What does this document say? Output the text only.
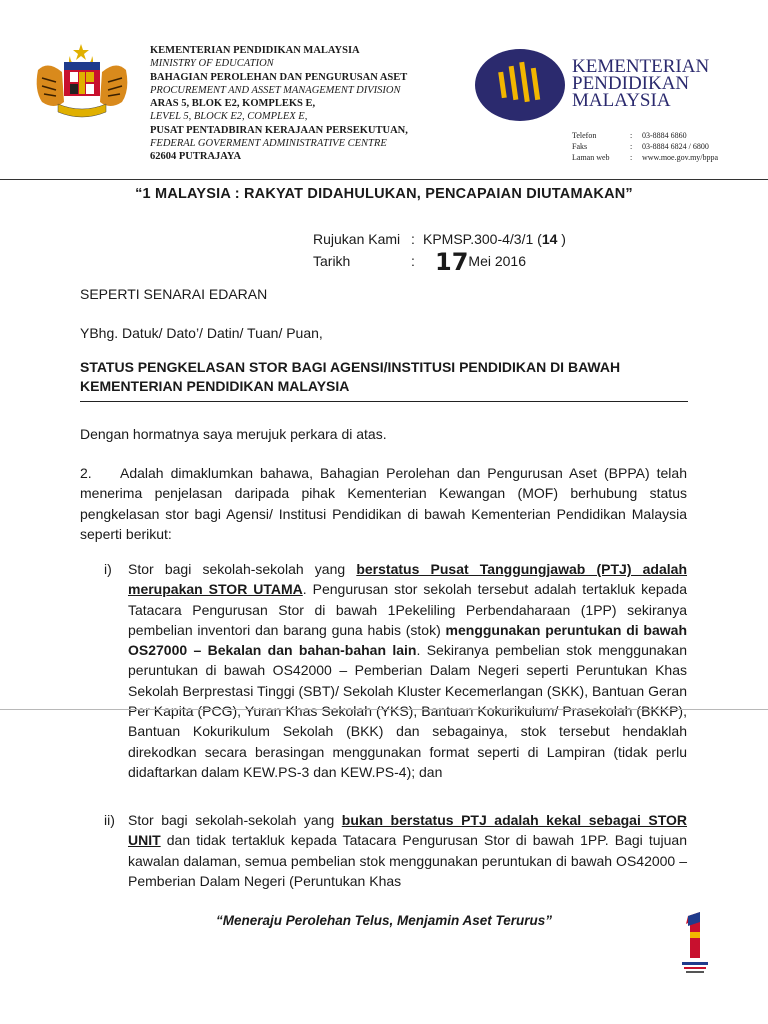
KEMENTERIAN PENDIDIKAN MALAYSIA
MINISTRY OF EDUCATION
BAHAGIAN PEROLEHAN DAN PENGURUSAN ASET
PROCUREMENT AND ASSET MANAGEMENT DIVISION
ARAS 5, BLOK E2, KOMPLEKS E,
LEVEL 5, BLOCK E2, COMPLEX E,
PUSAT PENTADBIRAN KERAJAAN PERSEKUTUAN,
FEDERAL GOVERMENT ADMINISTRATIVE CENTRE
62604 PUTRAJAYA
KEMENTERIAN
PENDIDIKAN
MALAYSIA
Telefon	:	03-8884 6860
Faks	:	03-8884 6824 / 6800
Laman web	:	www.moe.gov.my/bppa
“1 MALAYSIA : RAKYAT DIDAHULUKAN, PENCAPAIAN DIUTAMAKAN”
Rujukan Kami : KPMSP.300-4/3/1 (14 )
Tarikh	: 17Mei 2016
SEPERTI SENARAI EDARAN
YBhg. Datuk/ Dato’/ Datin/ Tuan/ Puan,
STATUS PENGKELASAN STOR BAGI AGENSI/INSTITUSI PENDIDIKAN DI BAWAH KEMENTERIAN PENDIDIKAN MALAYSIA
Dengan hormatnya saya merujuk perkara di atas.
2.	Adalah dimaklumkan bahawa, Bahagian Perolehan dan Pengurusan Aset (BPPA) telah menerima penjelasan daripada pihak Kementerian Kewangan (MOF) berhubung status pengkelasan stor bagi Agensi/ Institusi Pendidikan di bawah Kementerian Pendidikan Malaysia seperti berikut:
i) Stor bagi sekolah-sekolah yang berstatus Pusat Tanggungjawab (PTJ) adalah merupakan STOR UTAMA. Pengurusan stor sekolah tersebut adalah tertakluk kepada Tatacara Pengurusan Stor di bawah 1Pekeliling Perbendaharaan (1PP) sekiranya pembelian inventori dan barang guna habis (stok) menggunakan peruntukan di bawah OS27000 – Bekalan dan bahan-bahan lain. Sekiranya pembelian stok menggunakan peruntukan di bawah OS42000 – Pemberian Dalam Negeri seperti Peruntukan Khas Sekolah Berprestasi Tinggi (SBT)/ Sekolah Kluster Kecemerlangan (SKK), Bantuan Geran Per Kapita (PCG), Yuran Khas Sekolah (YKS), Bantuan Kokurikulum/ Prasekolah (BKKP), Bantuan Kokurikulum Sekolah (BKK) dan sebagainya, stok tersebut hendaklah direkodkan secara berasingan menggunakan format seperti di Lampiran (tidak perlu didaftarkan dalam KEW.PS-3 dan KEW.PS-4); dan
ii) Stor bagi sekolah-sekolah yang bukan berstatus PTJ adalah kekal sebagai STOR UNIT dan tidak tertakluk kepada Tatacara Pengurusan Stor di bawah 1PP. Bagi tujuan kawalan dalaman, semua pembelian stok menggunakan peruntukan di bawah OS42000 – Pemberian Dalam Negeri (Peruntukan Khas
“Meneraju Perolehan Telus, Menjamin Aset Terurus”
